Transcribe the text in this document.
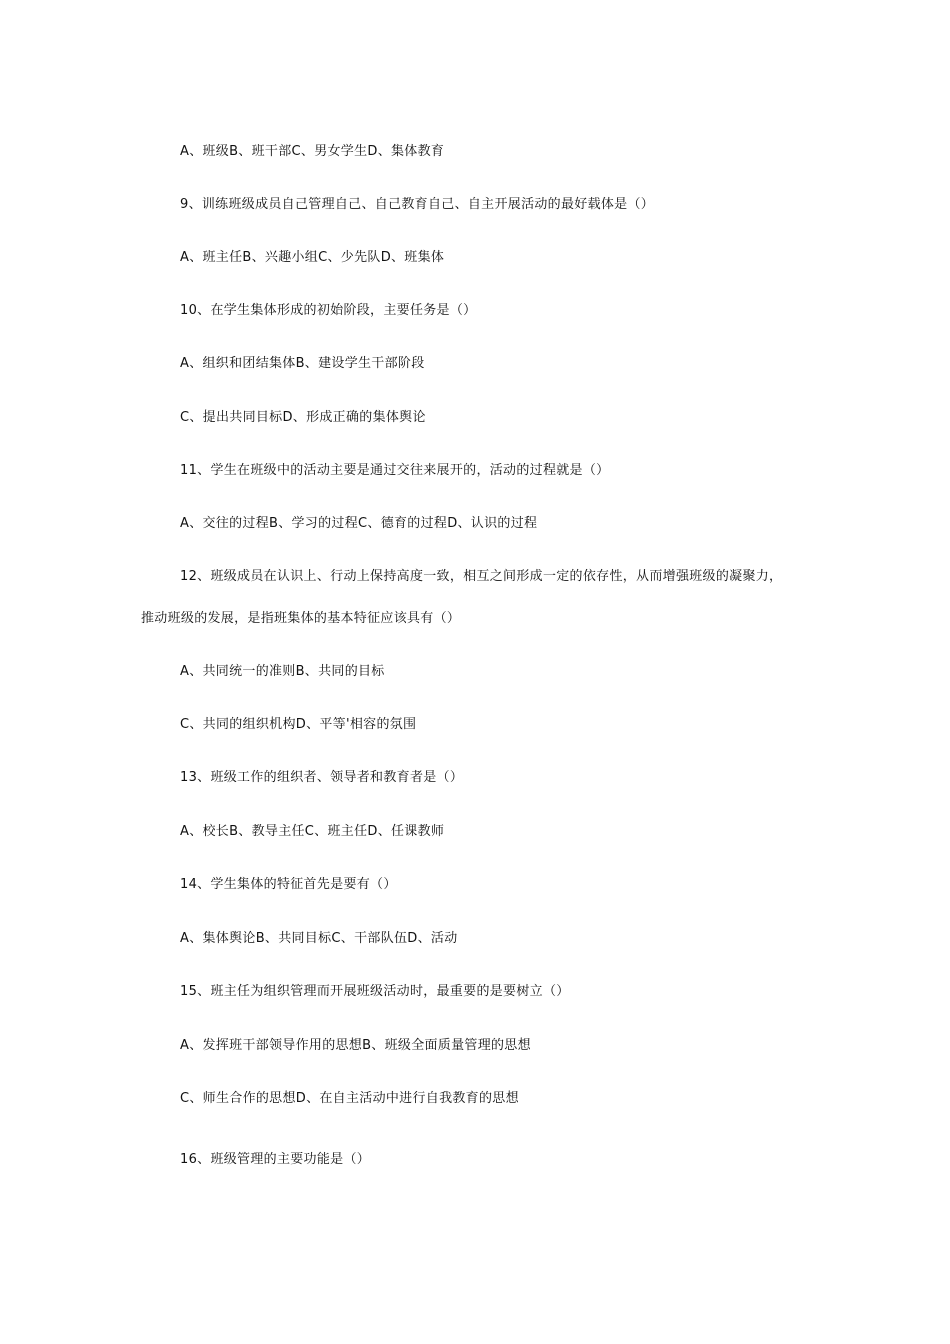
A、班级B、班干部C、男女学生D、集体教育
9、训练班级成员自己管理自己、自己教育自己、自主开展活动的最好载体是（）
A、班主任B、兴趣小组C、少先队D、班集体
10、在学生集体形成的初始阶段，主要任务是（）
A、组织和团结集体B、建设学生干部阶段
C、提出共同目标D、形成正确的集体舆论
11、学生在班级中的活动主要是通过交往来展开的，活动的过程就是（）
A、交往的过程B、学习的过程C、德育的过程D、认识的过程
12、班级成员在认识上、行动上保持高度一致，相互之间形成一定的依存性，从而增强班级的凝聚力，
推动班级的发展，是指班集体的基本特征应该具有（）
A、共同统一的准则B、共同的目标
C、共同的组织机构D、平等'相容的氛围
13、班级工作的组织者、领导者和教育者是（）
A、校长B、教导主任C、班主任D、任课教师
14、学生集体的特征首先是要有（）
A、集体舆论B、共同目标C、干部队伍D、活动
15、班主任为组织管理而开展班级活动时，最重要的是要树立（）
A、发挥班干部领导作用的思想B、班级全面质量管理的思想
C、师生合作的思想D、在自主活动中进行自我教育的思想
16、班级管理的主要功能是（）
